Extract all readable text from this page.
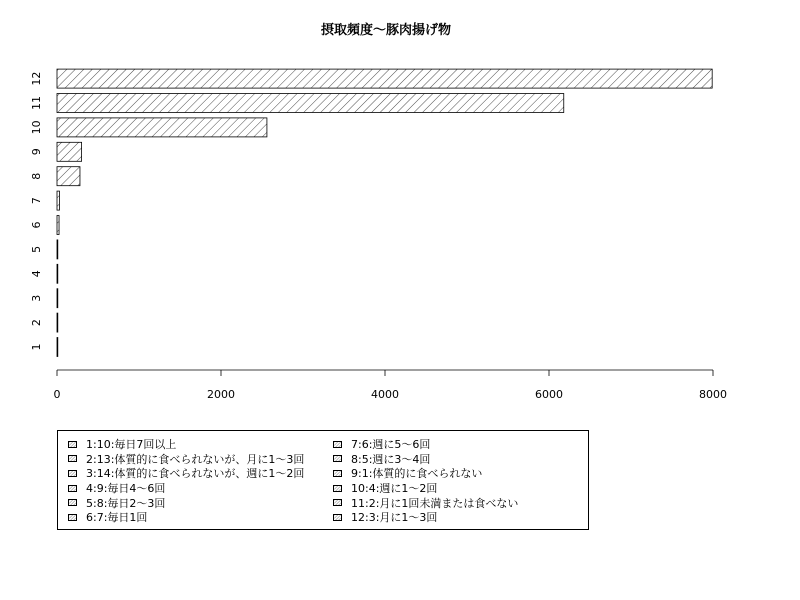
摂取頻度～豚肉揚げ物
1
2
3
4
5
6
7
8
9
10
11
12
0	2000	4000	6000	8000
1:10:毎日7回以上
2:13:体質的に食べられないが、月に1～3回
3:14:体質的に食べられないが、週に1～2回
4:9:毎日4～6回
5:8:毎日2～3回
6:7:毎日1回
7:6:週に5～6回
8:5:週に3～4回
9:1:体質的に食べられない
10:4:週に1～2回
11:2:月に1回未満または食べない
12:3:月に1～3回
